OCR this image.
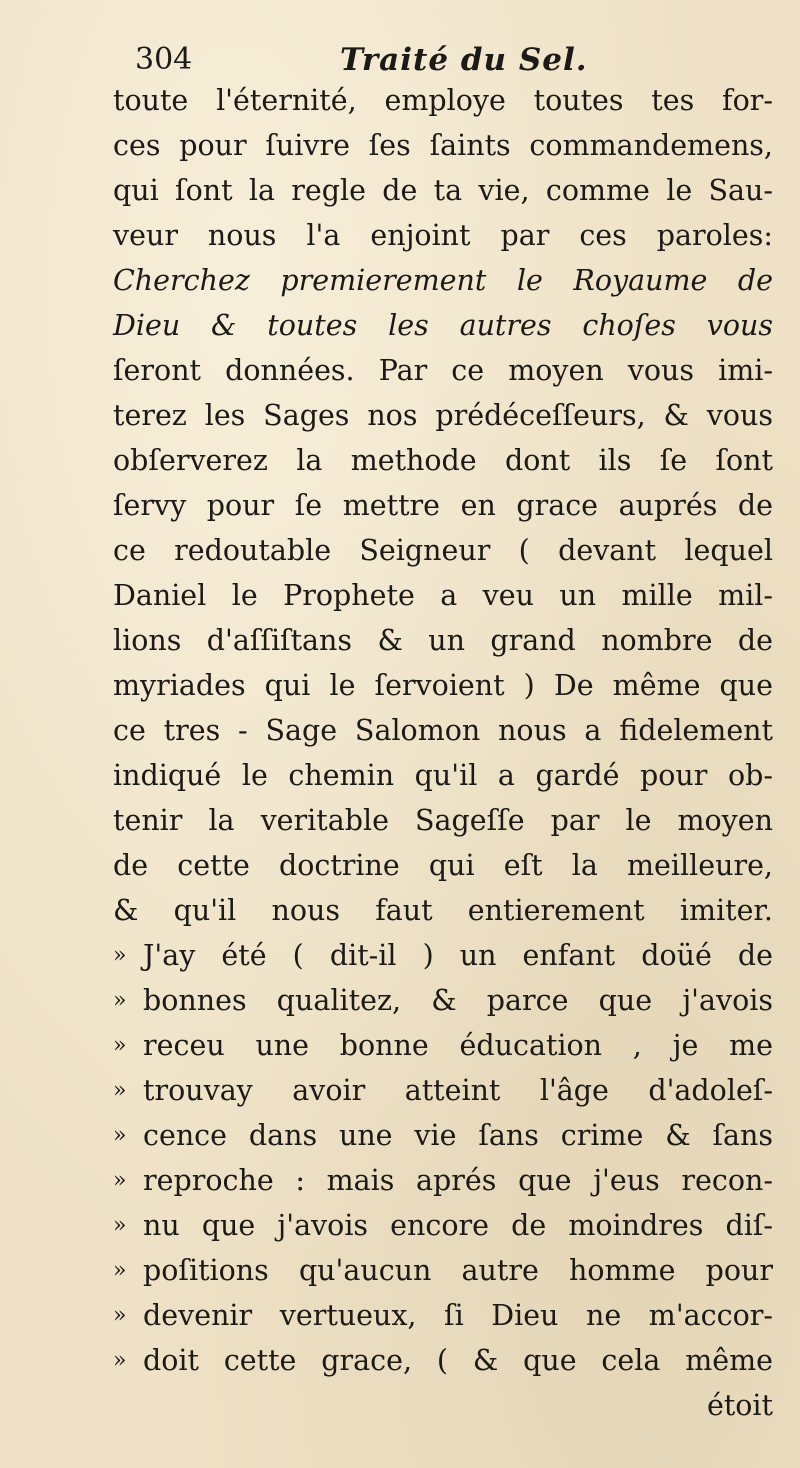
304	Traité du Sel.
toute l'éternité, employe toutes tes for-
ces pour ſuivre ſes ſaints commandemens,
qui ſont la regle de ta vie, comme le Sau-
veur nous l'a enjoint par ces paroles:
Cherchez premierement le Royaume de
Dieu & toutes les autres choſes vous
ſeront données. Par ce moyen vous imi-
terez les Sages nos prédéceſſeurs, & vous
obſerverez la methode dont ils ſe ſont
ſervy pour ſe mettre en grace auprés de
ce redoutable Seigneur ( devant lequel
Daniel le Prophete a veu un mille mil-
lions d'aſſiſtans & un grand nombre de
myriades qui le ſervoient ) De même que
ce tres - Sage Salomon nous a fidelement
indiqué le chemin qu'il a gardé pour ob-
tenir la veritable Sageſſe par le moyen
de cette doctrine qui eſt la meilleure,
& qu'il nous faut entierement imiter.
» J'ay été ( dit-il ) un enfant doüé de
» bonnes qualitez, & parce que j'avois
» receu une bonne éducation , je me
» trouvay avoir atteint l'âge d'adoleſ-
» cence dans une vie ſans crime & ſans
» reproche : mais aprés que j'eus recon-
» nu que j'avois encore de moindres diſ-
» poſitions qu'aucun autre homme pour
» devenir vertueux, ſi Dieu ne m'accor-
» doit cette grace, ( & que cela même
étoit
